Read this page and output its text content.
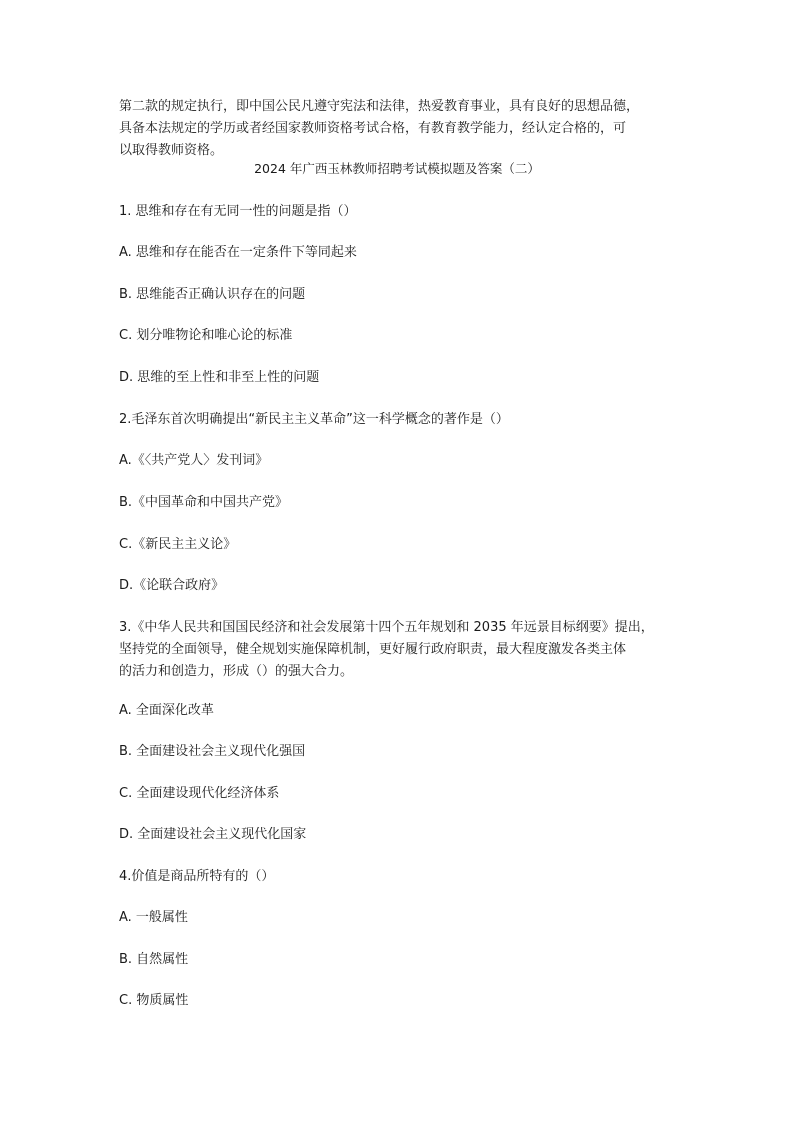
第二款的规定执行，即中国公民凡遵守宪法和法律，热爱教育事业，具有良好的思想品德，

具备本法规定的学历或者经国家教师资格考试合格，有教育教学能力，经认定合格的，可

以取得教师资格。

2024 年广西玉林教师招聘考试模拟题及答案（二）

1. 思维和存在有无同一性的问题是指（）

A. 思维和存在能否在一定条件下等同起来

B. 思维能否正确认识存在的问题

C. 划分唯物论和唯心论的标准

D. 思维的至上性和非至上性的问题

2.毛泽东首次明确提出“新民主主义革命”这一科学概念的著作是（）

A.《〈共产党人〉发刊词》

B.《中国革命和中国共产党》

C.《新民主主义论》

D.《论联合政府》

3.《中华人民共和国国民经济和社会发展第十四个五年规划和 2035 年远景目标纲要》提出，

坚持党的全面领导，健全规划实施保障机制，更好履行政府职责，最大程度激发各类主体

的活力和创造力，形成（）的强大合力。

A. 全面深化改革

B. 全面建设社会主义现代化强国

C. 全面建设现代化经济体系

D. 全面建设社会主义现代化国家

4.价值是商品所特有的（）

A. 一般属性

B. 自然属性

C. 物质属性
